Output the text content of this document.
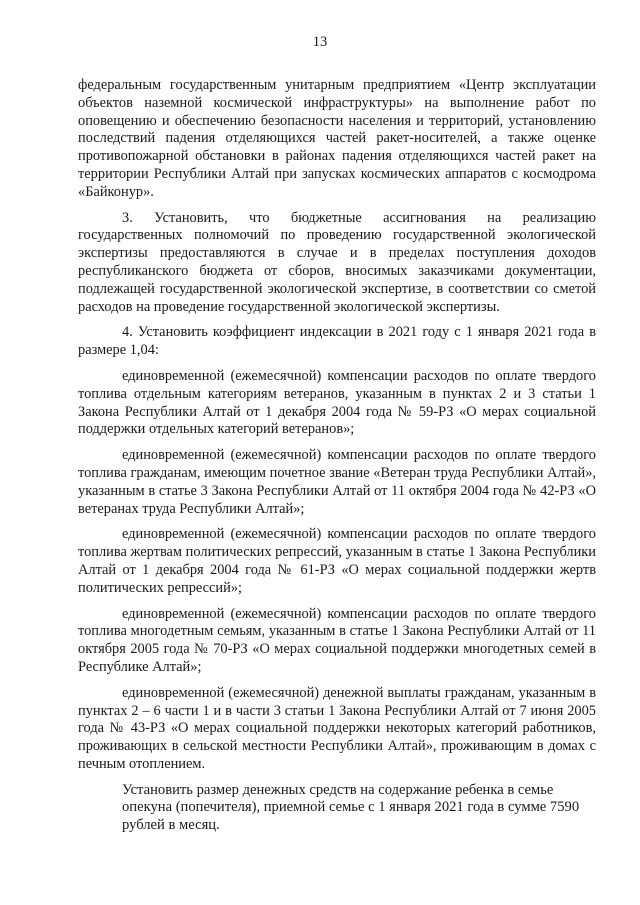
13

федеральным государственным унитарным предприятием «Центр эксплуатации объектов наземной космической инфраструктуры» на выполнение работ по оповещению и обеспечению безопасности населения и территорий, установлению последствий падения отделяющихся частей ракет-носителей, а также оценке противопожарной обстановки в районах падения отделяющихся частей ракет на территории Республики Алтай при запусках космических аппаратов с космодрома «Байконур».

3. Установить, что бюджетные ассигнования на реализацию государственных полномочий по проведению государственной экологической экспертизы предоставляются в случае и в пределах поступления доходов республиканского бюджета от сборов, вносимых заказчиками документации, подлежащей государственной экологической экспертизе, в соответствии со сметой расходов на проведение государственной экологической экспертизы.

4. Установить коэффициент индексации в 2021 году с 1 января 2021 года в размере 1,04:

единовременной (ежемесячной) компенсации расходов по оплате твердого топлива отдельным категориям ветеранов, указанным в пунктах 2 и 3 статьи 1 Закона Республики Алтай от 1 декабря 2004 года № 59-РЗ «О мерах социальной поддержки отдельных категорий ветеранов»;

единовременной (ежемесячной) компенсации расходов по оплате твердого топлива гражданам, имеющим почетное звание «Ветеран труда Республики Алтай», указанным в статье 3 Закона Республики Алтай от 11 октября 2004 года № 42-РЗ «О ветеранах труда Республики Алтай»;

единовременной (ежемесячной) компенсации расходов по оплате твердого топлива жертвам политических репрессий, указанным в статье 1 Закона Республики Алтай от 1 декабря 2004 года № 61-РЗ «О мерах социальной поддержки жертв политических репрессий»;

единовременной (ежемесячной) компенсации расходов по оплате твердого топлива многодетным семьям, указанным в статье 1 Закона Республики Алтай от 11 октября 2005 года № 70-РЗ «О мерах социальной поддержки многодетных семей в Республике Алтай»;

единовременной (ежемесячной) денежной выплаты гражданам, указанным в пунктах 2 – 6 части 1 и в части 3 статьи 1 Закона Республики Алтай от 7 июня 2005 года № 43-РЗ «О мерах социальной поддержки некоторых категорий работников, проживающих в сельской местности Республики Алтай», проживающим в домах с печным отоплением.

Установить размер денежных средств на содержание ребенка в семье опекуна (попечителя), приемной семье с 1 января 2021 года в сумме 7590 рублей в месяц.
